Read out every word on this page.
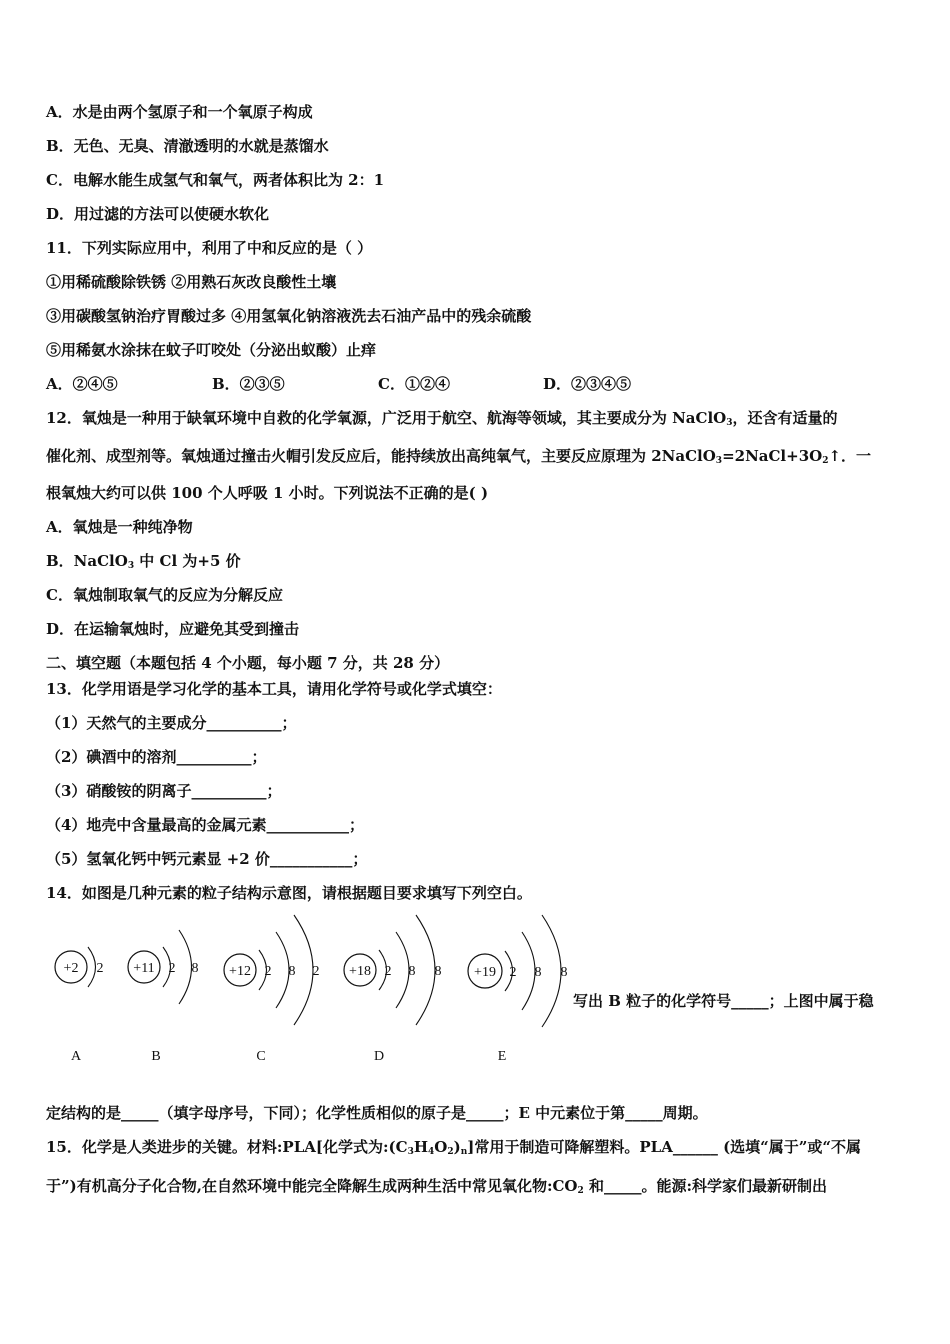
A．水是由两个氢原子和一个氧原子构成
B．无色、无臭、清澈透明的水就是蒸馏水
C．电解水能生成氢气和氧气，两者体积比为 2：1
D．用过滤的方法可以使硬水软化
11．下列实际应用中，利用了中和反应的是（ ）
①用稀硫酸除铁锈 ②用熟石灰改良酸性土壤
③用碳酸氢钠治疗胃酸过多 ④用氢氧化钠溶液洗去石油产品中的残余硫酸
⑤用稀氨水涂抹在蚊子叮咬处（分泌出蚁酸）止痒
A．②④⑤	B．②③⑤	C．①②④	D．②③④⑤
12．氧烛是一种用于缺氧环境中自救的化学氧源，广泛用于航空、航海等领域，其主要成分为 NaClO$_3$，还含有适量的
催化剂、成型剂等。氧烛通过撞击火帽引发反应后，能持续放出高纯氧气，主要反应原理为 $2NaClO_3=2NaCl+3O_2↑$．一
根氧烛大约可以供 100 个人呼吸 1 小时。下列说法不正确的是( )
A．氧烛是一种纯净物
B．NaClO$_3$ 中 Cl 为+5 价
C．氧烛制取氧气的反应为分解反应
D．在运输氧烛时，应避免其受到撞击
二、填空题（本题包括 4 个小题，每小题 7 分，共 28 分）
13．化学用语是学习化学的基本工具，请用化学符号或化学式填空：
（1）天然气的主要成分__________；
（2）碘酒中的溶剂__________；
（3）硝酸铵的阴离子__________；
（4）地壳中含量最高的金属元素___________；
（5）氢氧化钙中钙元素显 +2 价___________；
14．如图是几种元素的粒子结构示意图，请根据题目要求填写下列空白。
+2 2
A
+11 2 8
B
+12 2 8 2
C
+18 2 8 8
D
+19 2 8 8
E
写出 B 粒子的化学符号_____；上图中属于稳
定结构的是_____（填字母序号，下同）；化学性质相似的原子是_____；E 中元素位于第_____周期。
15．化学是人类进步的关键。材料:PLA[化学式为$:(C_3H_4O_2)_n$]常用于制造可降解塑料。PLA______ (选填“属于”或“不属
于”)有机高分子化合物,在自然环境中能完全降解生成两种生活中常见氧化物$:CO_2$ 和_____。能源:科学家们最新研制出
